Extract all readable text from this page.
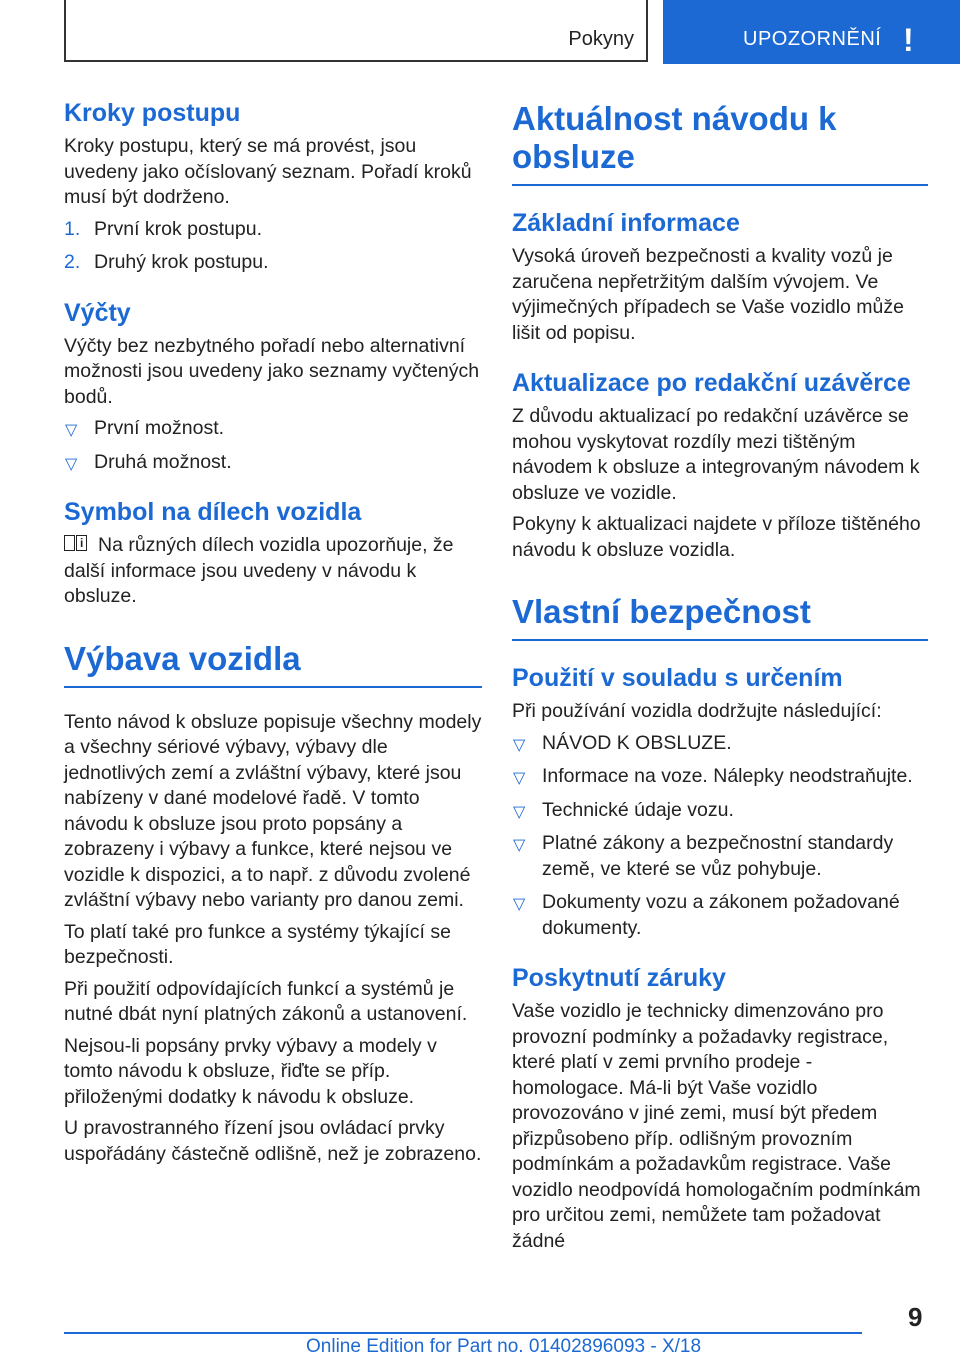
Pokyny	UPOZORNĚNÍ !
Kroky postupu

Kroky postupu, který se má provést, jsou uvedeny jako očíslovaný seznam. Pořadí kroků musí být dodrženo.

1. První krok postupu.
2. Druhý krok postupu.
Výčty

Výčty bez nezbytného pořadí nebo alternativní možnosti jsou uvedeny jako seznamy vyčtených bodů.

▽ První možnost.
▽ Druhá možnost.
Symbol na dílech vozidla

i Na různých dílech vozidla upozorňuje, že další informace jsou uvedeny v návodu k obsluze.

Výbava vozidla

Tento návod k obsluze popisuje všechny modely a všechny sériové výbavy, výbavy dle jednotlivých zemí a zvláštní výbavy, které jsou nabízeny v dané modelové řadě. V tomto návodu k obsluze jsou proto popsány a zobrazeny i výbavy a funkce, které nejsou ve vozidle k dispozici, a to např. z důvodu zvolené zvláštní výbavy nebo varianty pro danou zemi.

To platí také pro funkce a systémy týkající se bezpečnosti.

Při použití odpovídajících funkcí a systémů je nutné dbát nyní platných zákonů a ustanovení.

Nejsou-li popsány prvky výbavy a modely v tomto návodu k obsluze, řiďte se příp. přiloženými dodatky k návodu k obsluze.

U pravostranného řízení jsou ovládací prvky uspořádány částečně odlišně, než je zobrazeno.

Aktuálnost návodu k obsluze
Základní informace

Vysoká úroveň bezpečnosti a kvality vozů je zaručena nepřetržitým dalším vývojem. Ve výjimečných případech se Vaše vozidlo může lišit od popisu.

Aktualizace po redakční uzávěrce

Z důvodu aktualizací po redakční uzávěrce se mohou vyskytovat rozdíly mezi tištěným návodem k obsluze a integrovaným návodem k obsluze ve vozidle.

Pokyny k aktualizaci najdete v příloze tištěného návodu k obsluze vozidla.

Vlastní bezpečnost
Použití v souladu s určením

Při používání vozidla dodržujte následující:

▽ NÁVOD K OBSLUZE.
▽ Informace na voze. Nálepky neodstraňujte.
▽ Technické údaje vozu.
▽ Platné zákony a bezpečnostní standardy země, ve které se vůz pohybuje.
▽ Dokumenty vozu a zákonem požadované dokumenty.
Poskytnutí záruky

Vaše vozidlo je technicky dimenzováno pro provozní podmínky a požadavky registrace, které platí v zemi prvního prodeje - homologace. Má-li být Vaše vozidlo provozováno v jiné zemi, musí být předem přizpůsobeno příp. odlišným provozním podmínkám a požadavkům registrace. Vaše vozidlo neodpovídá homologačním podmínkám pro určitou zemi, nemůžete tam požadovat žádné

9
Online Edition for Part no. 01402896093 - X/18
